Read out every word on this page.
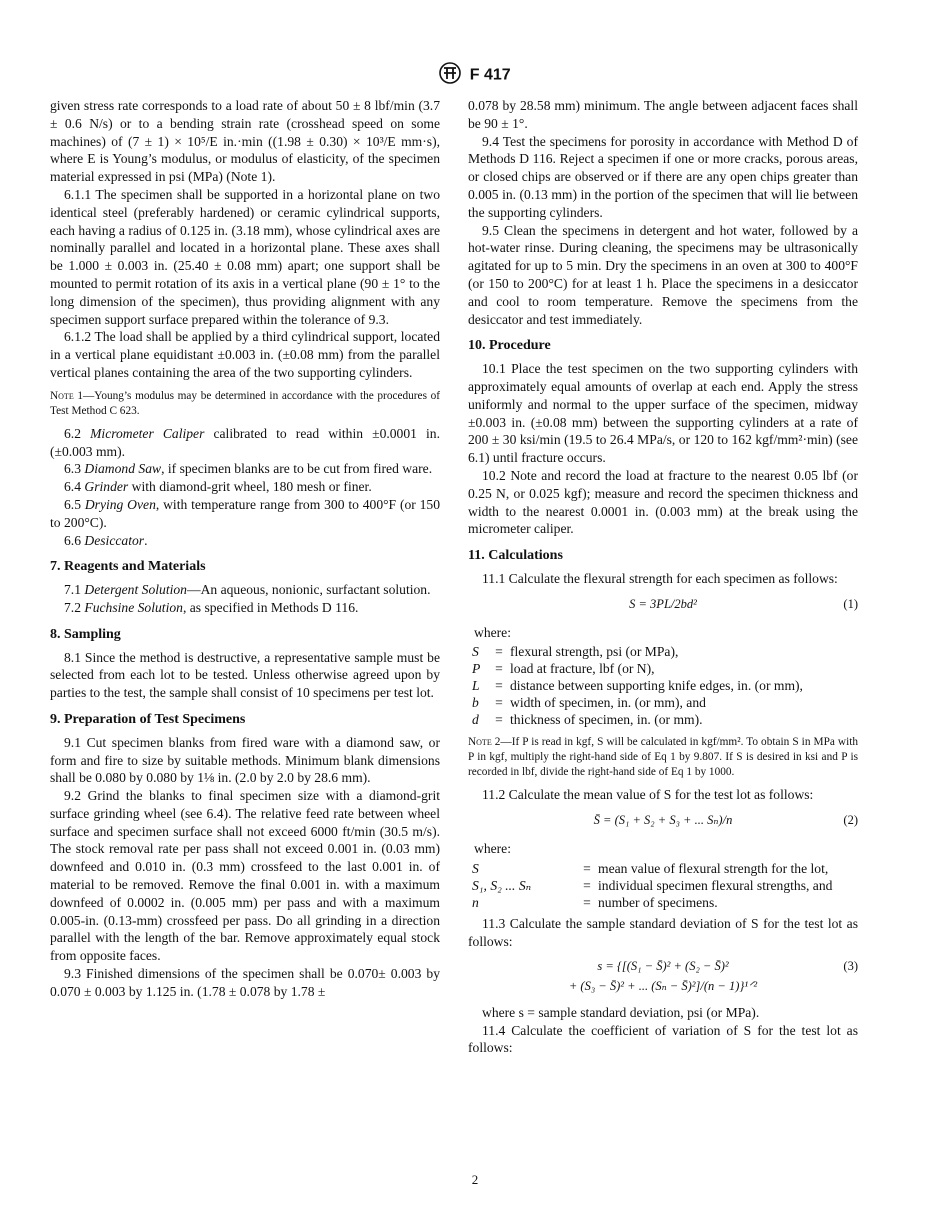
F 417

given stress rate corresponds to a load rate of about 50 ± 8 lbf/min (3.7 ± 0.6 N/s) or to a bending strain rate (crosshead speed on some machines) of (7 ± 1) × 10⁵/E in.·min ((1.98 ± 0.30) × 10³/E mm·s), where E is Young’s modulus, or modulus of elasticity, of the specimen material expressed in psi (MPa) (Note 1).

6.1.1 The specimen shall be supported in a horizontal plane on two identical steel (preferably hardened) or ceramic cylindrical supports, each having a radius of 0.125 in. (3.18 mm), whose cylindrical axes are nominally parallel and located in a horizontal plane. These axes shall be 1.000 ± 0.003 in. (25.40 ± 0.08 mm) apart; one support shall be mounted to permit rotation of its axis in a vertical plane (90 ± 1° to the long dimension of the specimen), thus providing alignment with any specimen support surface prepared within the tolerance of 9.3.

6.1.2 The load shall be applied by a third cylindrical support, located in a vertical plane equidistant ±0.003 in. (±0.08 mm) from the parallel vertical planes containing the area of the two supporting cylinders.

Note 1—Young’s modulus may be determined in accordance with the procedures of Test Method C 623.

6.2 Micrometer Caliper calibrated to read within ±0.0001 in. (±0.003 mm).

6.3 Diamond Saw, if specimen blanks are to be cut from fired ware.

6.4 Grinder with diamond-grit wheel, 180 mesh or finer.

6.5 Drying Oven, with temperature range from 300 to 400°F (or 150 to 200°C).

6.6 Desiccator.

7. Reagents and Materials

7.1 Detergent Solution—An aqueous, nonionic, surfactant solution.

7.2 Fuchsine Solution, as specified in Methods D 116.

8. Sampling

8.1 Since the method is destructive, a representative sample must be selected from each lot to be tested. Unless otherwise agreed upon by parties to the test, the sample shall consist of 10 specimens per test lot.

9. Preparation of Test Specimens

9.1 Cut specimen blanks from fired ware with a diamond saw, or form and fire to size by suitable methods. Minimum blank dimensions shall be 0.080 by 0.080 by 1⅛ in. (2.0 by 2.0 by 28.6 mm).

9.2 Grind the blanks to final specimen size with a diamond-grit surface grinding wheel (see 6.4). The relative feed rate between wheel surface and specimen surface shall not exceed 6000 ft/min (30.5 m/s). The stock removal rate per pass shall not exceed 0.001 in. (0.03 mm) downfeed and 0.010 in. (0.3 mm) crossfeed to the last 0.001 in. of material to be removed. Remove the final 0.001 in. with a maximum downfeed of 0.0002 in. (0.005 mm) per pass and with a maximum 0.005-in. (0.13-mm) crossfeed per pass. Do all grinding in a direction parallel with the length of the bar. Remove approximately equal stock from opposite faces.

9.3 Finished dimensions of the specimen shall be 0.070± 0.003 by 0.070 ± 0.003 by 1.125 in. (1.78 ± 0.078 by 1.78 ±

0.078 by 28.58 mm) minimum. The angle between adjacent faces shall be 90 ± 1°.

9.4 Test the specimens for porosity in accordance with Method D of Methods D 116. Reject a specimen if one or more cracks, porous areas, or closed chips are observed or if there are any open chips greater than 0.005 in. (0.13 mm) in the portion of the specimen that will lie between the supporting cylinders.

9.5 Clean the specimens in detergent and hot water, followed by a hot-water rinse. During cleaning, the specimens may be ultrasonically agitated for up to 5 min. Dry the specimens in an oven at 300 to 400°F (or 150 to 200°C) for at least 1 h. Place the specimens in a desiccator and cool to room temperature. Remove the specimens from the desiccator and test immediately.

10. Procedure

10.1 Place the test specimen on the two supporting cylinders with approximately equal amounts of overlap at each end. Apply the stress uniformly and normal to the upper surface of the specimen, midway ±0.003 in. (±0.08 mm) between the supporting cylinders at a rate of 200 ± 30 ksi/min (19.5 to 26.4 MPa/s, or 120 to 162 kgf/mm²·min) (see 6.1) until fracture occurs.

10.2 Note and record the load at fracture to the nearest 0.05 lbf (or 0.25 N, or 0.025 kgf); measure and record the specimen thickness and width to the nearest 0.0001 in. (0.003 mm) at the break using the micrometer caliper.

11. Calculations

11.1 Calculate the flexural strength for each specimen as follows:

S = 3PL/2bd²	(1)
where:
S	=	flexural strength, psi (or MPa),
P	=	load at fracture, lbf (or N),
L	=	distance between supporting knife edges, in. (or mm),
b	=	width of specimen, in. (or mm), and
d	=	thickness of specimen, in. (or mm).
Note 2—If P is read in kgf, S will be calculated in kgf/mm². To obtain S in MPa with P in kgf, multiply the right-hand side of Eq 1 by 9.807. If S is desired in ksi and P is recorded in lbf, divide the right-hand side of Eq 1 by 1000.

11.2 Calculate the mean value of S for the test lot as follows:

S̄ = (S₁ + S₂ + S₃ + ... Sₙ)/n	(2)
where:
S	=	mean value of flexural strength for the lot,
S₁, S₂ ... Sₙ	=	individual specimen flexural strengths, and
n	=	number of specimens.

11.3 Calculate the sample standard deviation of S for the test lot as follows:

s = {[(S₁ − S̄)² + (S₂ − S̄)²	(3)
+ (S₃ − S̄)² + ... (Sₙ − S̄)²]/(n − 1)}¹ᐟ²

where s = sample standard deviation, psi (or MPa).

11.4 Calculate the coefficient of variation of S for the test lot as follows:

2
